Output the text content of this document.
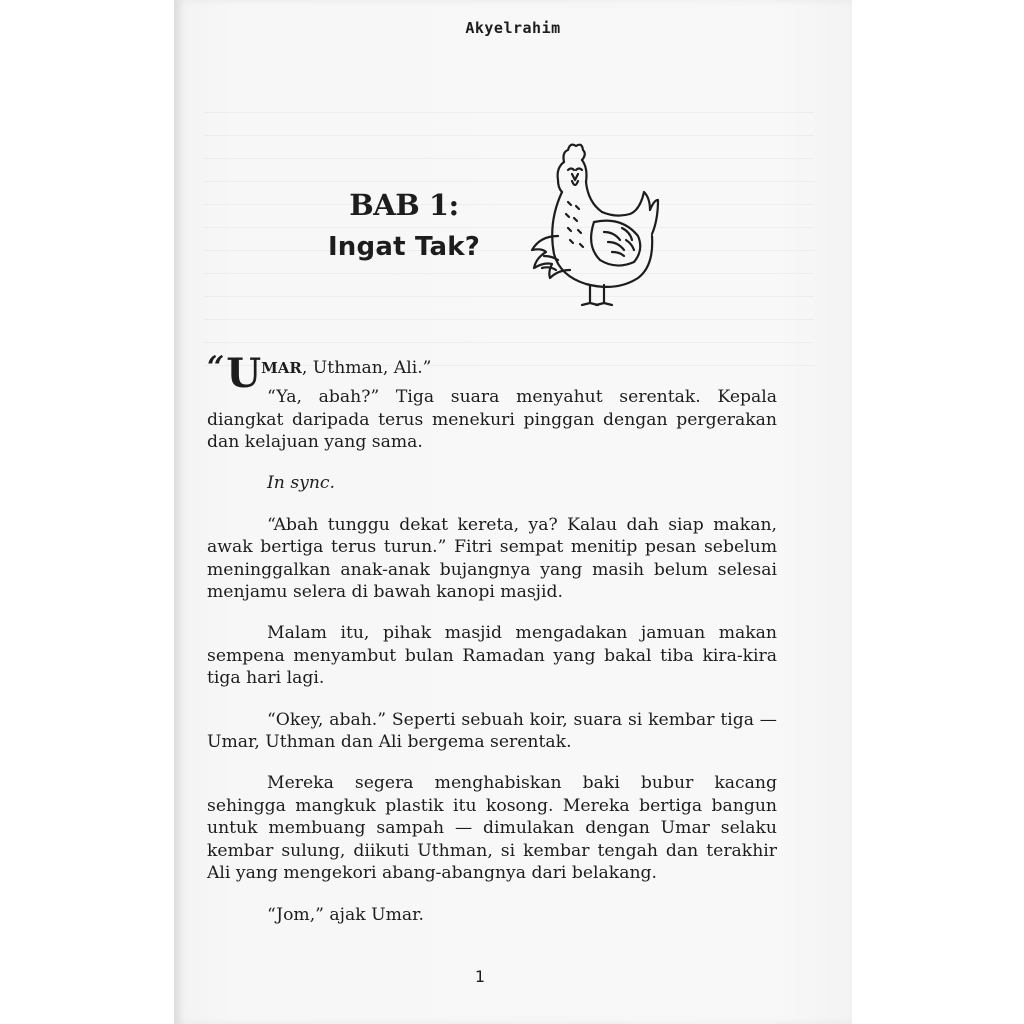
Akyelrahim
BAB 1:
Ingat Tak?

“UMAR, Uthman, Ali.”

“Ya, abah?” Tiga suara menyahut serentak. Kepala diangkat daripada terus menekuri pinggan dengan pergerakan dan kelajuan yang sama.

In sync.

“Abah tunggu dekat kereta, ya? Kalau dah siap makan, awak bertiga terus turun.” Fitri sempat menitip pesan sebelum meninggalkan anak-anak bujangnya yang masih belum selesai menjamu selera di bawah kanopi masjid.

Malam itu, pihak masjid mengadakan jamuan makan sempena menyambut bulan Ramadan yang bakal tiba kira-kira tiga hari lagi.

“Okey, abah.” Seperti sebuah koir, suara si kembar tiga — Umar, Uthman dan Ali bergema serentak.

Mereka segera menghabiskan baki bubur kacang sehingga mangkuk plastik itu kosong. Mereka bertiga bangun untuk membuang sampah — dimulakan dengan Umar selaku kembar sulung, diikuti Uthman, si kembar tengah dan terakhir Ali yang mengekori abang-abangnya dari belakang.

“Jom,” ajak Umar.

1
